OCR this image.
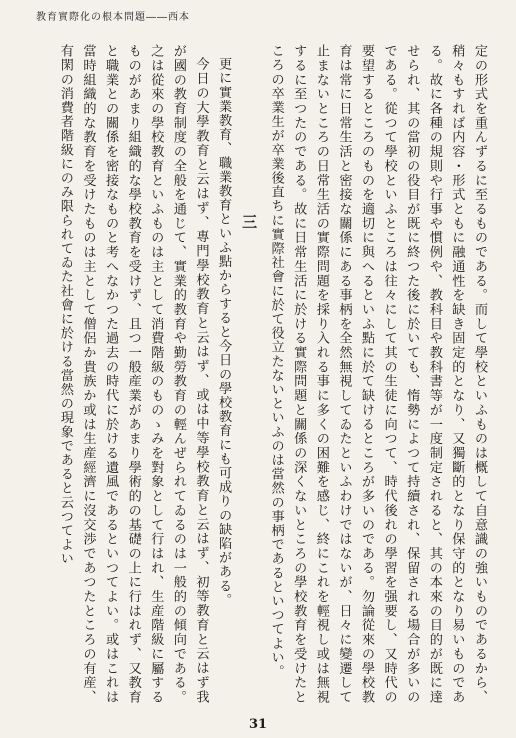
教育實際化の根本問題――西本

定の形式を重んずるに至るものである。而して學校といふものは概して自意識の強いものであるから、稍々もすれば内容・形式ともに融通性を缺き固定的となり、又獨斷的となり保守的となり易いものである。故に各種の規則や行事や慣例や、教科目や教科書等が一度制定されると、其の本來の目的が既に達せられ、其の當初の役目が既に終つた後に於いても、惰勢によつて持續され、保留される場合が多いのである。從つて學校といふところは往々にして其の生徒に向つて、時代後れの學習を强要し、又時代の要望するところのものを適切に與へるといふ點に於て缺けるところが多いのである。勿論從來の學校教育は常に日常生活と密接な關係にある事柄を全然無視してゐたといふわけではないが、日々に變遷して止まないところの日常生活の實際問題を採り入れる事に多くの困難を感じ、終にこれを輕視し或は無視するに至つたのである。故に日常生活に於ける實際問題と關係の深くないところの學校教育を受けたところの卒業生が卒業後直ちに實際社會に於て役立たないといふのは當然の事柄であるといつてよい。

三

更に實業教育、職業教育といふ點からすると今日の學校教育にも可成りの缺陷がある。

今日の大學教育と云はず、專門學校教育と云はず、或は中等學校教育と云はず、初等教育と云はず我が國の教育制度の全般を通じて、實業的教育や勤勞教育の輕んぜられてゐるのは一般的の傾向である。之は從來の學校教育といふものは主として消費階級のものゝみを對象として行はれ、生産階級に屬するものがあまり組織的な學校教育を受けず、且つ一般産業があまり學術的の基礎の上に行はれず、又教育と職業との關係を密接なものと考へなかつた過去の時代に於ける遺風であるといつてよい。或はこれは當時組織的な教育を受けたものは主として僧侶か貴族か或は生産經濟に沒交渉であつたところの有産、有閑の消費者階級にのみ限られてゐた社會に於ける當然の現象であると云つてよい

31
